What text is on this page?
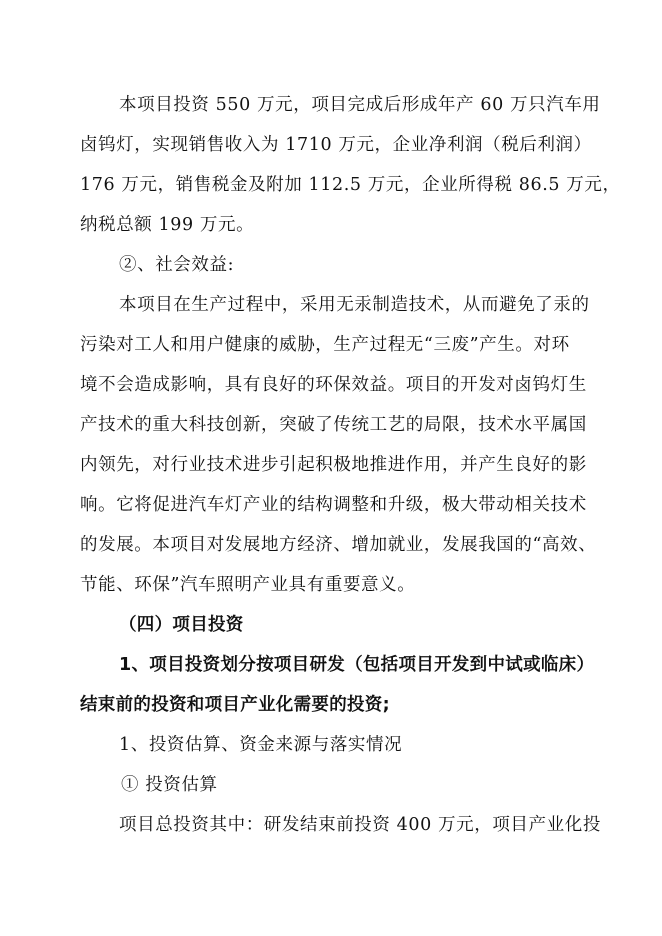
本项目投资 550 万元，项目完成后形成年产 60 万只汽车用
卤钨灯，实现销售收入为 1710 万元，企业净利润（税后利润）
176 万元，销售税金及附加 112.5 万元，企业所得税 86.5 万元，
纳税总额 199 万元。
②、社会效益:
本项目在生产过程中，采用无汞制造技术，从而避免了汞的
污染对工人和用户健康的威胁，生产过程无“三废”产生。对环
境不会造成影响，具有良好的环保效益。项目的开发对卤钨灯生
产技术的重大科技创新，突破了传统工艺的局限，技术水平属国
内领先，对行业技术进步引起积极地推进作用，并产生良好的影
响。它将促进汽车灯产业的结构调整和升级，极大带动相关技术
的发展。本项目对发展地方经济、增加就业，发展我国的“高效、
节能、环保”汽车照明产业具有重要意义。
（四）项目投资
1、项目投资划分按项目研发（包括项目开发到中试或临床）
结束前的投资和项目产业化需要的投资;
1、投资估算、资金来源与落实情况
① 投资估算
项目总投资其中：研发结束前投资 400 万元，项目产业化投
